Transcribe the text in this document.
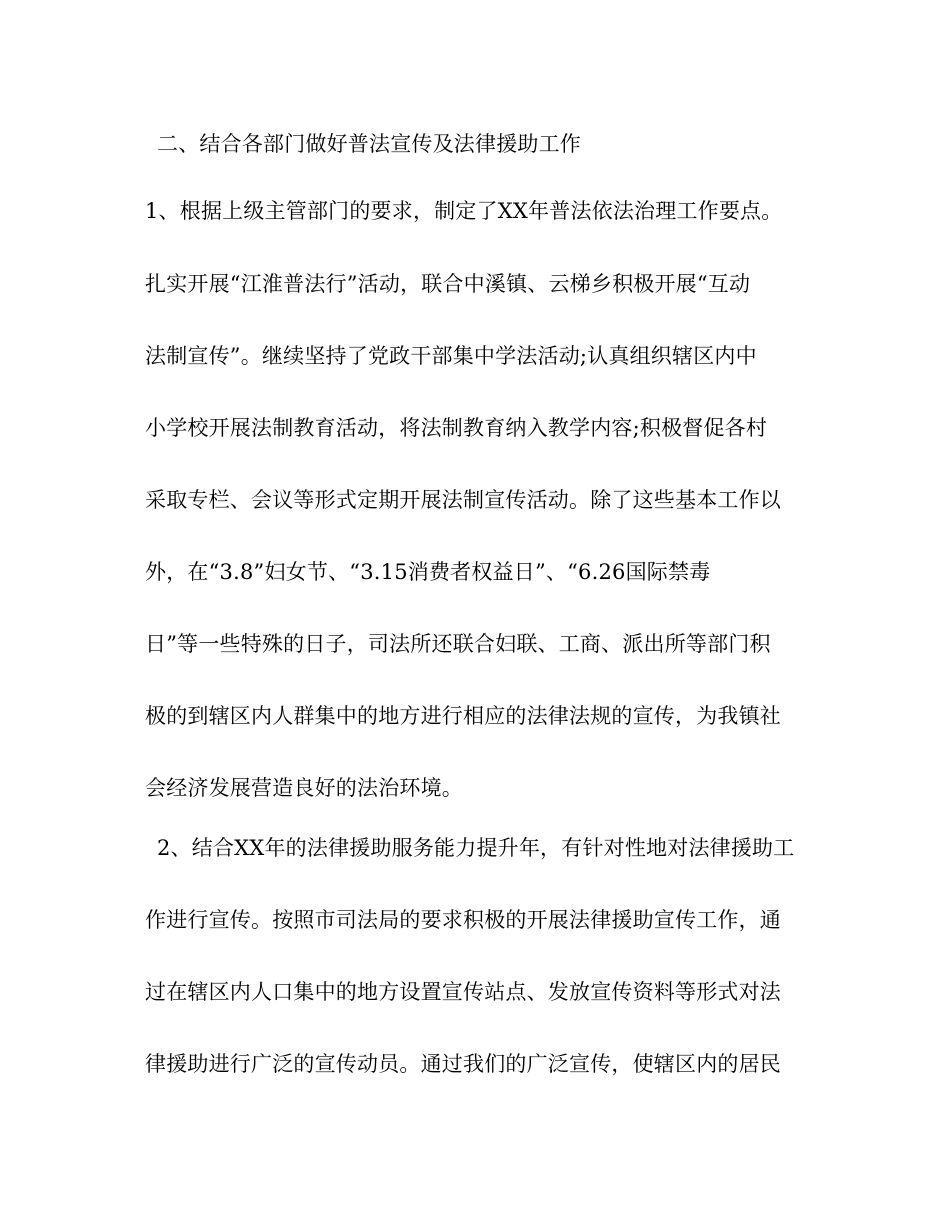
二、结合各部门做好普法宣传及法律援助工作
1、根据上级主管部门的要求，制定了XX年普法依法治理工作要点。
扎实开展“江淮普法行”活动，联合中溪镇、云梯乡积极开展“互动
法制宣传”。继续坚持了党政干部集中学法活动;认真组织辖区内中
小学校开展法制教育活动，将法制教育纳入教学内容;积极督促各村
采取专栏、会议等形式定期开展法制宣传活动。除了这些基本工作以
外，在“3.8”妇女节、“3.15消费者权益日”、“6.26国际禁毒
日”等一些特殊的日子，司法所还联合妇联、工商、派出所等部门积
极的到辖区内人群集中的地方进行相应的法律法规的宣传，为我镇社
会经济发展营造良好的法治环境。
2、结合XX年的法律援助服务能力提升年，有针对性地对法律援助工
作进行宣传。按照市司法局的要求积极的开展法律援助宣传工作，通
过在辖区内人口集中的地方设置宣传站点、发放宣传资料等形式对法
律援助进行广泛的宣传动员。通过我们的广泛宣传，使辖区内的居民
